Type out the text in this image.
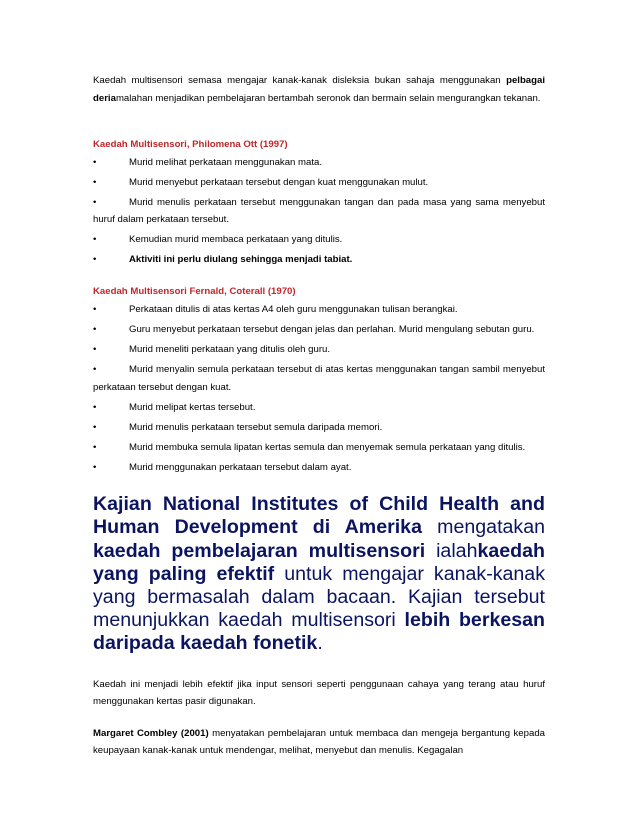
Kaedah multisensori semasa mengajar kanak-kanak disleksia bukan sahaja menggunakan pelbagai deriamalahan menjadikan pembelajaran bertambah seronok dan bermain selain mengurangkan tekanan.

Kaedah Multisensori, Philomena Ott (1997)

•	Murid melihat perkataan menggunakan mata.
•	Murid menyebut perkataan tersebut dengan kuat menggunakan mulut.
•	Murid menulis perkataan tersebut menggunakan tangan dan pada masa yang sama menyebut huruf dalam perkataan tersebut.
•	Kemudian murid membaca perkataan yang ditulis.
•	Aktiviti ini perlu diulang sehingga menjadi tabiat.

Kaedah Multisensori Fernald, Coterall (1970)

•	Perkataan ditulis di atas kertas A4 oleh guru menggunakan tulisan berangkai.
•	Guru menyebut perkataan tersebut dengan jelas dan perlahan. Murid mengulang sebutan guru.
•	Murid meneliti perkataan yang ditulis oleh guru.
•	Murid menyalin semula perkataan tersebut di atas kertas menggunakan tangan sambil menyebut perkataan tersebut dengan kuat.
•	Murid melipat kertas tersebut.
•	Murid menulis perkataan tersebut semula daripada memori.
•	Murid membuka semula lipatan kertas semula dan menyemak semula perkataan yang ditulis.
•	Murid menggunakan perkataan tersebut dalam ayat.

Kajian National Institutes of Child Health and Human Development di Amerika mengatakan kaedah pembelajaran multisensori ialahkaedah yang paling efektif untuk mengajar kanak-kanak yang bermasalah dalam bacaan. Kajian tersebut menunjukkan kaedah multisensori lebih berkesan daripada kaedah fonetik.

Kaedah ini menjadi lebih efektif jika input sensori seperti penggunaan cahaya yang terang atau huruf menggunakan kertas pasir digunakan.

Margaret Combley (2001) menyatakan pembelajaran untuk membaca dan mengeja bergantung kepada keupayaan kanak-kanak untuk mendengar, melihat, menyebut dan menulis. Kegagalan
